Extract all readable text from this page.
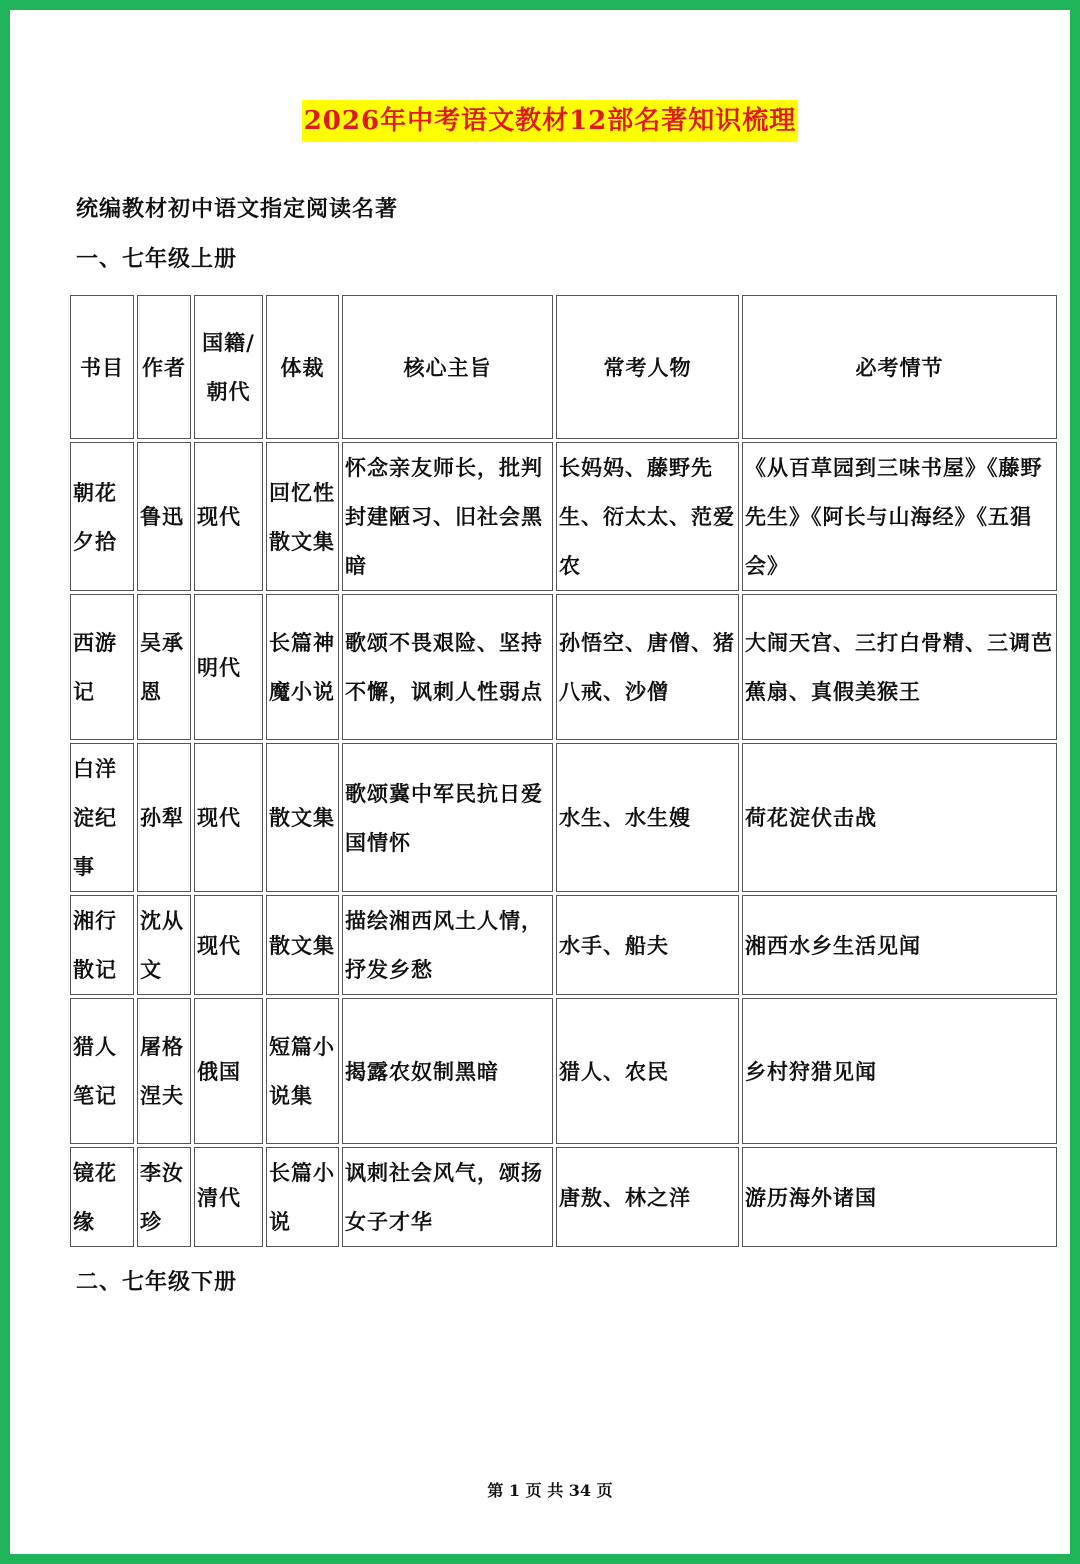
2026年中考语文教材12部名著知识梳理
统编教材初中语文指定阅读名著
一、七年级上册
书目	作者	国籍/朝代	体裁	核心主旨	常考人物	必考情节
朝花夕拾	鲁迅	现代	回忆性散文集	怀念亲友师长，批判封建陋习、旧社会黑暗	长妈妈、藤野先生、衍太太、范爱农	《从百草园到三味书屋》《藤野先生》《阿长与山海经》《五猖会》
西游记	吴承恩	明代	长篇神魔小说	歌颂不畏艰险、坚持不懈，讽刺人性弱点	孙悟空、唐僧、猪八戒、沙僧	大闹天宫、三打白骨精、三调芭蕉扇、真假美猴王
白洋淀纪事	孙犁	现代	散文集	歌颂冀中军民抗日爱国情怀	水生、水生嫂	荷花淀伏击战
湘行散记	沈从文	现代	散文集	描绘湘西风土人情，抒发乡愁	水手、船夫	湘西水乡生活见闻
猎人笔记	屠格涅夫	俄国	短篇小说集	揭露农奴制黑暗	猎人、农民	乡村狩猎见闻
镜花缘	李汝珍	清代	长篇小说	讽刺社会风气，颂扬女子才华	唐敖、林之洋	游历海外诸国
二、七年级下册
第 1 页 共 34 页
